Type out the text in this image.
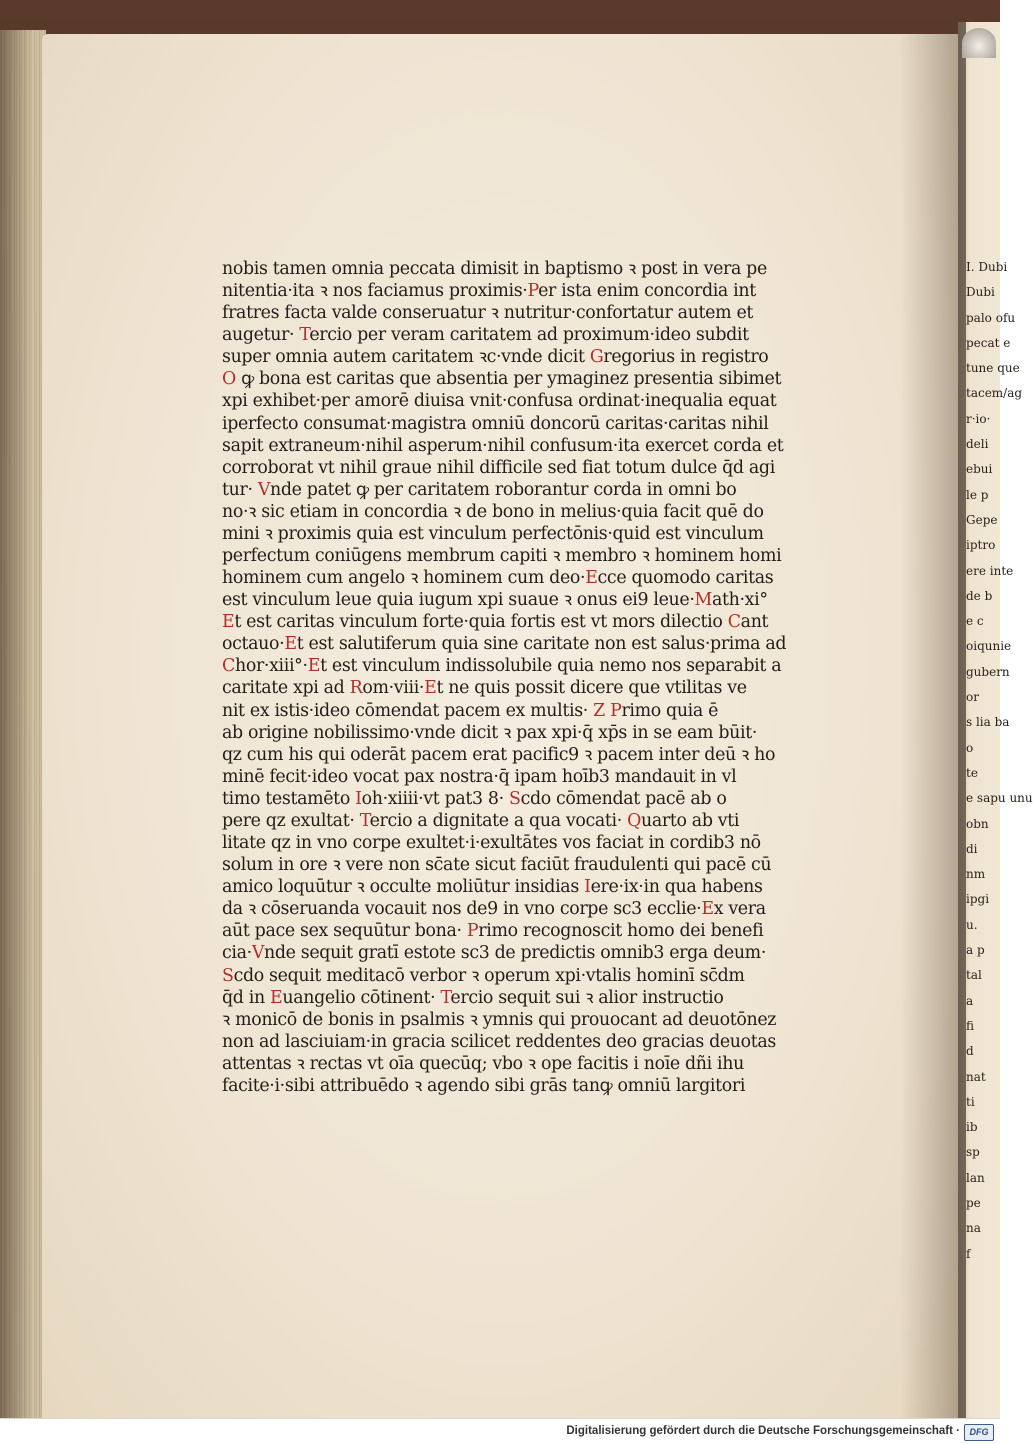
I. Dubi
Dubi
palo ofu
pecat e
tune que
tacem/ag
r·io·
deli
ebui
le p
Gepe
iptro
ere inte
de b
e c
oiqunie
gubern
or
s lia ba
o
te
e sapu unu
obn
di
nm
ipgi
u.
a p
tal
a
fi
d
nat
ti
ib
sp
lan
pe
na
f
nobis tamen omnia peccata dimisit in baptismo ꝛ post in vera pe
nitentia·ita ꝛ nos faciamus proximis·Per ista enim concordia int
fratres facta valde conseruatur ꝛ nutritur·confortatur autem et
augetur· Tercio per veram caritatem ad proximum·ideo subdit
super omnia autem caritatem ꝛc·vnde dicit Gregorius in registro
O ꝙ bona est caritas que absentia per ymaginez presentia sibimet
xpi exhibet·per amorē diuisa vnit·confusa ordinat·inequalia equat
iperfecto consumat·magistra omniū doncorū caritas·caritas nihil
sapit extraneum·nihil asperum·nihil confusum·ita exercet corda et
corroborat vt nihil graue nihil difficile sed fiat totum dulce q̄d agi
tur· Vnde patet ꝙ per caritatem roborantur corda in omni bo
no·ꝛ sic etiam in concordia ꝛ de bono in melius·quia facit quē do
mini ꝛ proximis quia est vinculum perfectōnis·quid est vinculum
perfectum coniūgens membrum capiti ꝛ membro ꝛ hominem homi
hominem cum angelo ꝛ hominem cum deo·Ecce quomodo caritas
est vinculum leue quia iugum xpi suaue ꝛ onus ei9 leue·Math·xi°
Et est caritas vinculum forte·quia fortis est vt mors dilectio Cant
octauo·Et est salutiferum quia sine caritate non est salus·prima ad
Chor·xiii°·Et est vinculum indissolubile quia nemo nos separabit a
caritate xpi ad Rom·viii·Et ne quis possit dicere que vtilitas ve
nit ex istis·ideo cōmendat pacem ex multis· Z Primo quia ē
ab origine nobilissimo·vnde dicit ꝛ pax xpi·q̄ xp̄s in se eam būit·
qz cum his qui oderāt pacem erat pacific9 ꝛ pacem inter deū ꝛ ho
minē fecit·ideo vocat pax nostra·q̄ ipam hoīb3 mandauit in vl
timo testamēto Ioh·xiiii·vt pat3 8· Scdo cōmendat pacē ab o
pere qz exultat· Tercio a dignitate a qua vocati· Quarto ab vti
litate qz in vno corpe exultet·i·exultātes vos faciat in cordib3 nō
solum in ore ꝛ vere non sc̄ate sicut faciūt fraudulenti qui pacē cū
amico loquūtur ꝛ occulte moliūtur insidias Iere·ix·in qua habens
da ꝛ cōseruanda vocauit nos de9 in vno corpe sc3 ecclie·Ex vera
aūt pace sex sequūtur bona· Primo recognoscit homo dei benefi
cia·Vnde sequit gratī estote sc3 de predictis omnib3 erga deum·
Scdo sequit meditacō verbor ꝛ operum xpi·vtalis hominī sc̄dm
q̄d in Euangelio cōtinent· Tercio sequit sui ꝛ alior instructio
ꝛ monicō de bonis in psalmis ꝛ ymnis qui prouocant ad deuotōnez
non ad lasciuiam·in gracia scilicet reddentes deo gracias deuotas
attentas ꝛ rectas vt oīa quecūq; vbo ꝛ ope facitis i noīe dñi ihu
facite·i·sibi attribuēdo ꝛ agendo sibi grās tanꝙ omniū largitori
Digitalisierung gefördert durch die Deutsche Forschungsgemeinschaft ·	DFG
